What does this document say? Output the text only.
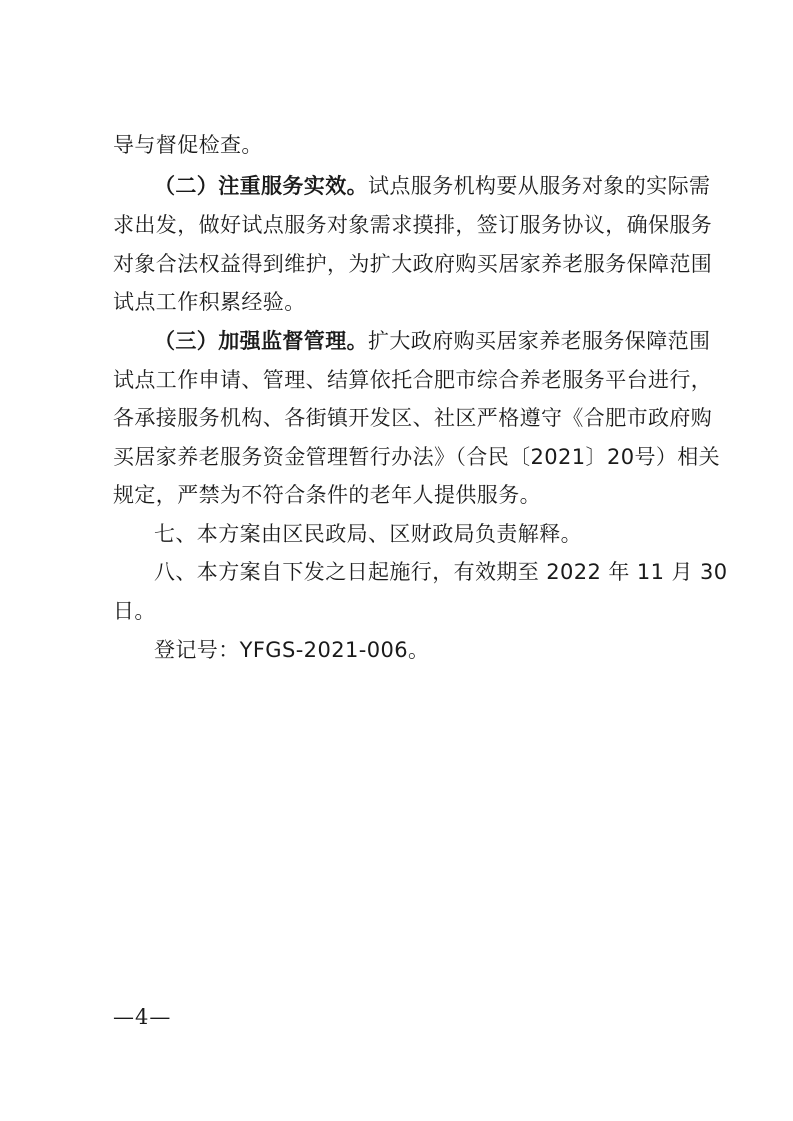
导与督促检查。
（二）注重服务实效。试点服务机构要从服务对象的实际需
求出发，做好试点服务对象需求摸排，签订服务协议，确保服务
对象合法权益得到维护，为扩大政府购买居家养老服务保障范围
试点工作积累经验。
（三）加强监督管理。扩大政府购买居家养老服务保障范围
试点工作申请、管理、结算依托合肥市综合养老服务平台进行，
各承接服务机构、各街镇开发区、社区严格遵守《合肥市政府购
买居家养老服务资金管理暂行办法》（合民〔2021〕20号）相关
规定，严禁为不符合条件的老年人提供服务。
七、本方案由区民政局、区财政局负责解释。
八、本方案自下发之日起施行，有效期至 2022 年 11 月 30
日。
登记号：YFGS-2021-006。
—4—
